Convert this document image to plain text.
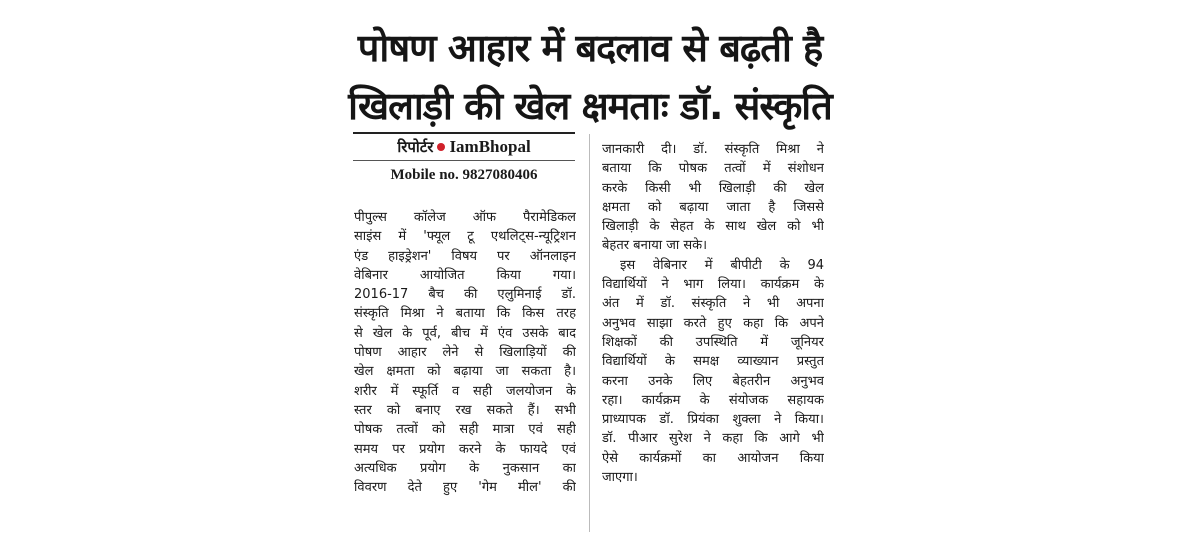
पोषण आहार में बदलाव से बढ़ती है
खिलाड़ी की खेल क्षमताः डॉ. संस्कृति
रिपोर्टर IamBhopal
Mobile no. 9827080406
पीपुल्स कॉलेज ऑफ पैरामेडिकल
साइंस में 'फ्यूल टू एथलिट्स-न्यूट्रिशन
एंड हाइड्रेशन' विषय पर ऑनलाइन
वेबिनार आयोजित किया गया।
2016-17 बैच की एलुमिनाई डॉ.
संस्कृति मिश्रा ने बताया कि किस तरह
से खेल के पूर्व, बीच में एंव उसके बाद
पोषण आहार लेने से खिलाड़ियों की
खेल क्षमता को बढ़ाया जा सकता है।
शरीर में स्फूर्ति व सही जलयोजन के
स्तर को बनाए रख सकते हैं। सभी
पोषक तत्वों को सही मात्रा एवं सही
समय पर प्रयोग करने के फायदे एवं
अत्यधिक प्रयोग के नुकसान का
विवरण देते हुए 'गेम मील' की
जानकारी दी। डॉ. संस्कृति मिश्रा ने
बताया कि पोषक तत्वों में संशोधन
करके किसी भी खिलाड़ी की खेल
क्षमता को बढ़ाया जाता है जिससे
खिलाड़ी के सेहत के साथ खेल को भी
बेहतर बनाया जा सके।
इस वेबिनार में बीपीटी के 94
विद्यार्थियों ने भाग लिया। कार्यक्रम के
अंत में डॉ. संस्कृति ने भी अपना
अनुभव साझा करते हुए कहा कि अपने
शिक्षकों की उपस्थिति में जूनियर
विद्यार्थियों के समक्ष व्याख्यान प्रस्तुत
करना उनके लिए बेहतरीन अनुभव
रहा। कार्यक्रम के संयोजक सहायक
प्राध्यापक डॉ. प्रियंका शुक्ला ने किया।
डॉ. पीआर सुरेश ने कहा कि आगे भी
ऐसे कार्यक्रमों का आयोजन किया
जाएगा।
